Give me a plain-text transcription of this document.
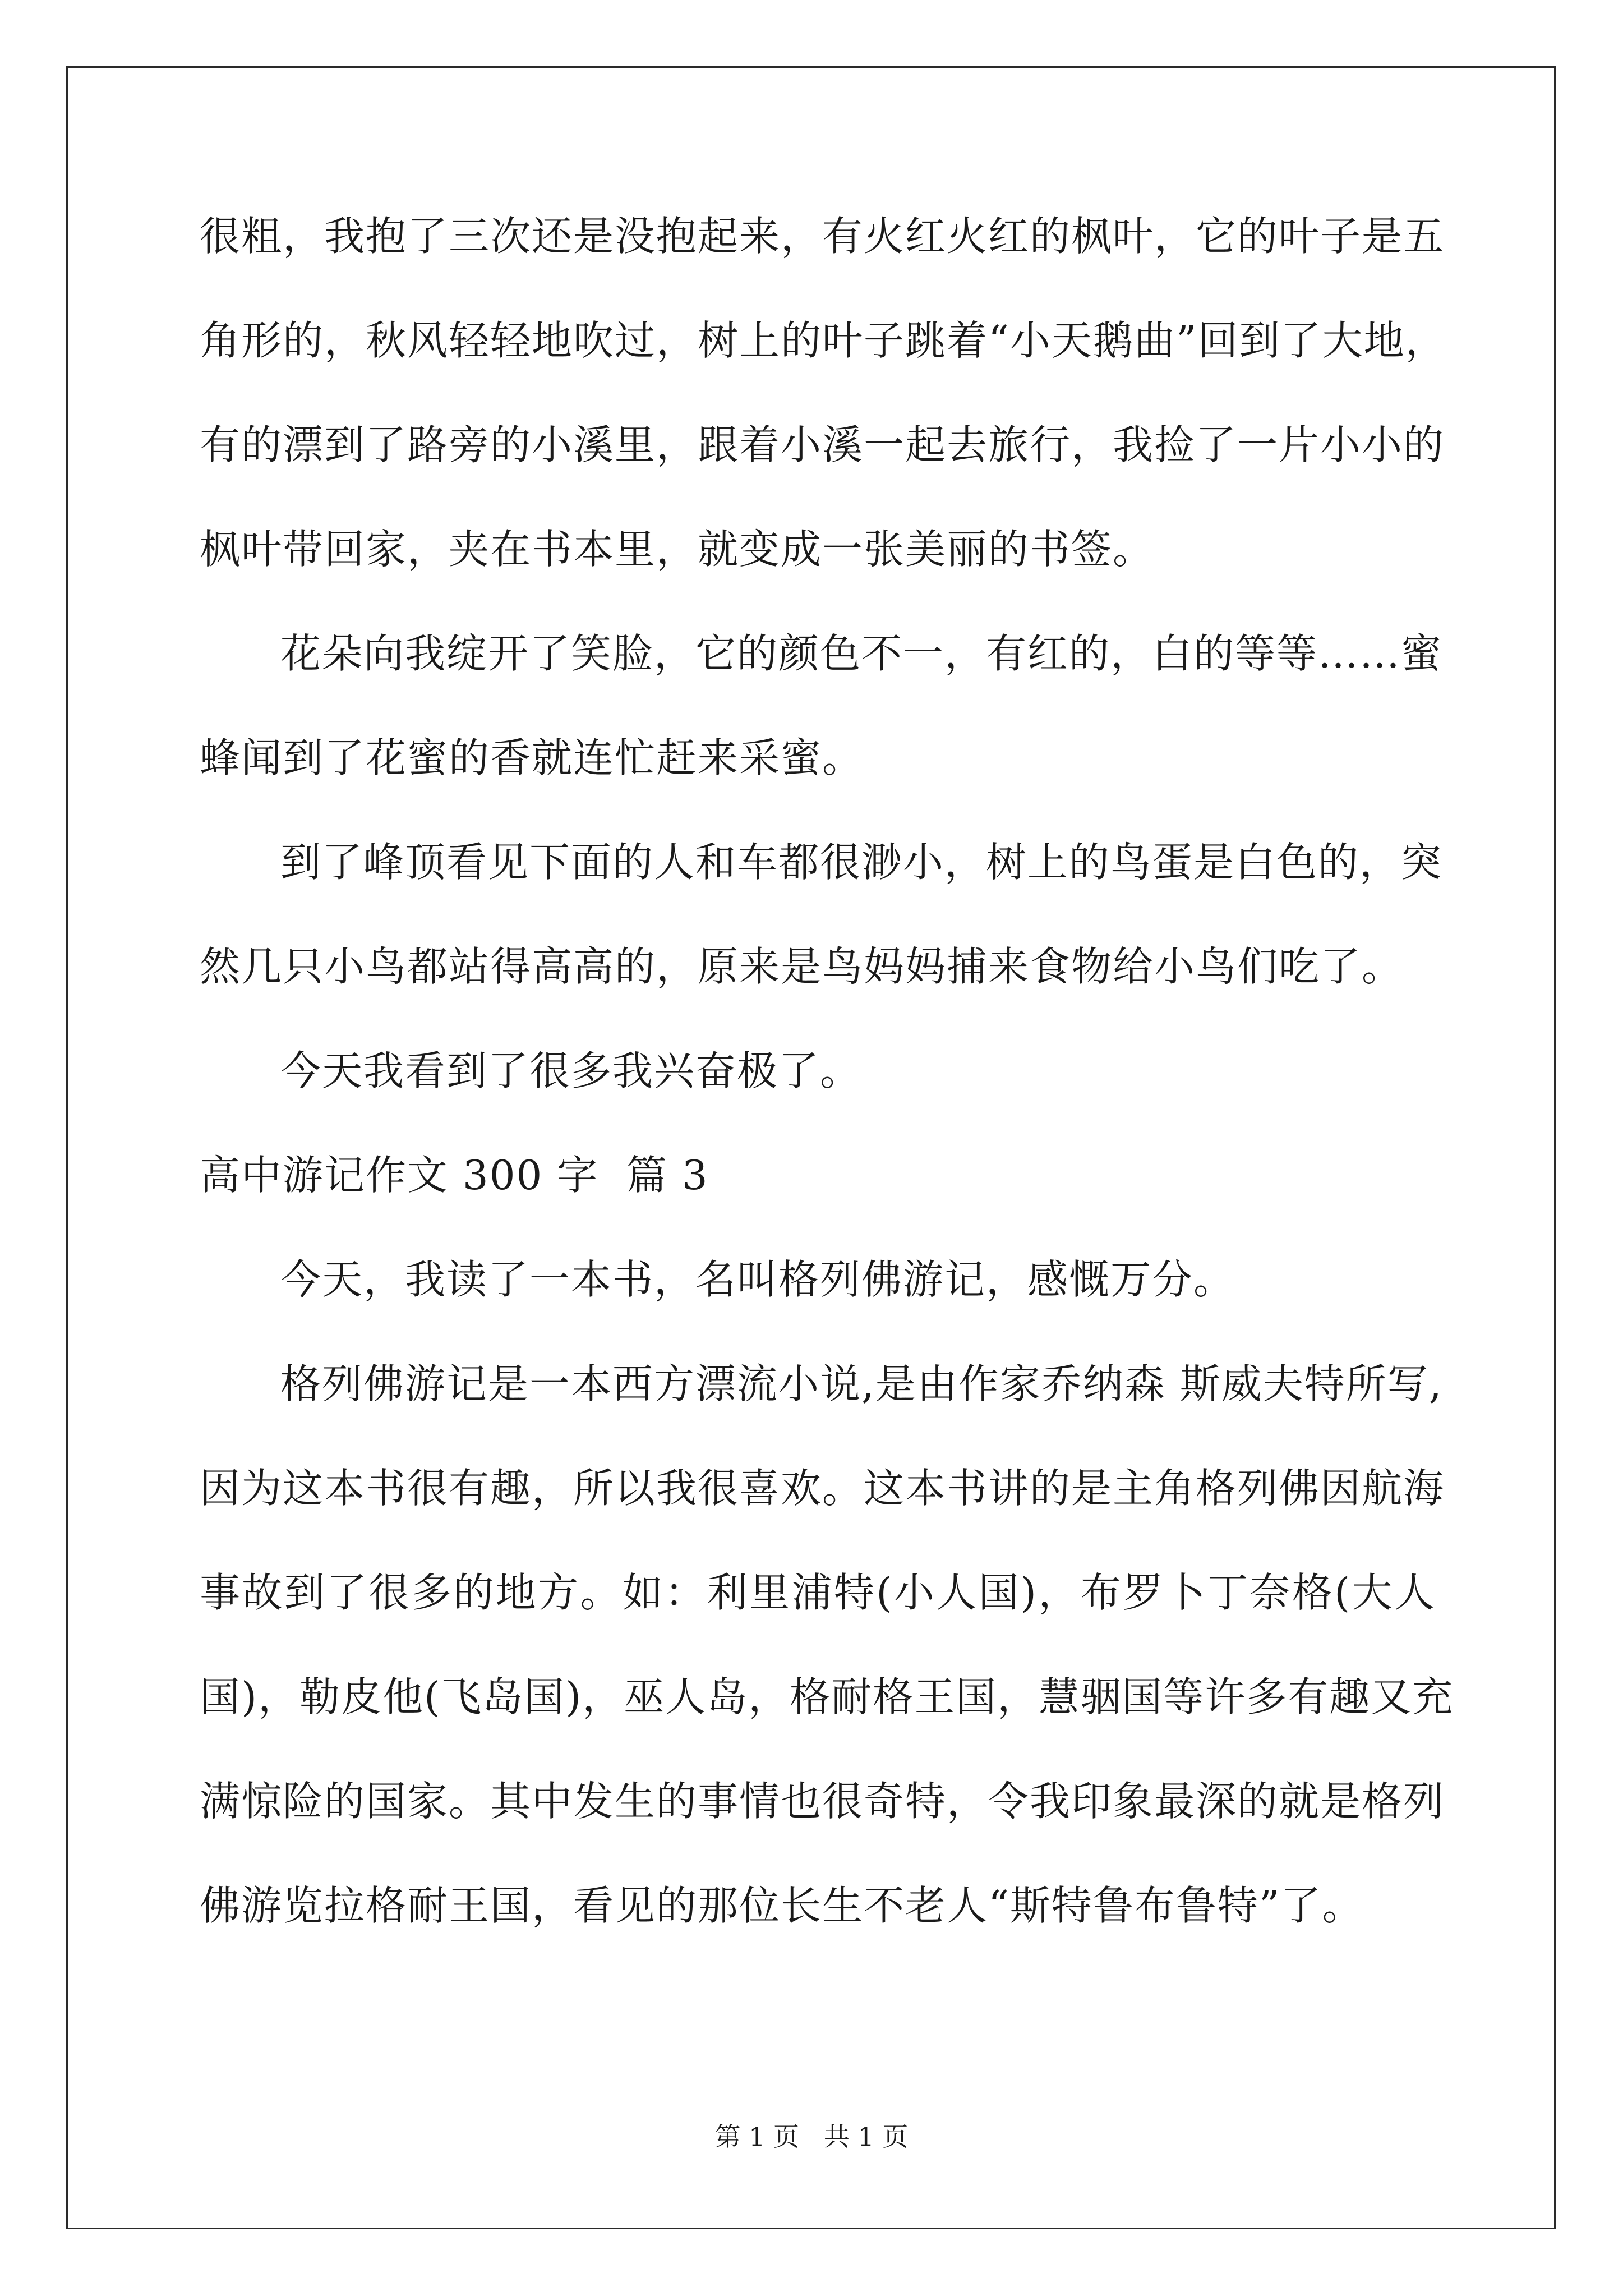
很粗，我抱了三次还是没抱起来，有火红火红的枫叶，它的叶子是五
角形的，秋风轻轻地吹过，树上的叶子跳着“小天鹅曲”回到了大地，
有的漂到了路旁的小溪里，跟着小溪一起去旅行，我捡了一片小小的
枫叶带回家，夹在书本里，就变成一张美丽的书签。
花朵向我绽开了笑脸，它的颜色不一，有红的，白的等等……蜜
蜂闻到了花蜜的香就连忙赶来采蜜。
到了峰顶看见下面的人和车都很渺小，树上的鸟蛋是白色的，突
然几只小鸟都站得高高的，原来是鸟妈妈捕来食物给小鸟们吃了。
今天我看到了很多我兴奋极了。
高中游记作文 300 字  篇 3
今天，我读了一本书，名叫格列佛游记，感慨万分。
格列佛游记是一本西方漂流小说,是由作家乔纳森 斯威夫特所写,
因为这本书很有趣，所以我很喜欢。这本书讲的是主角格列佛因航海
事故到了很多的地方。如：利里浦特(小人国)，布罗卜丁奈格(大人
国)，勒皮他(飞岛国)，巫人岛，格耐格王国，慧骃国等许多有趣又充
满惊险的国家。其中发生的事情也很奇特，令我印象最深的就是格列
佛游览拉格耐王国，看见的那位长生不老人“斯特鲁布鲁特”了。
第 1 页   共 1 页
